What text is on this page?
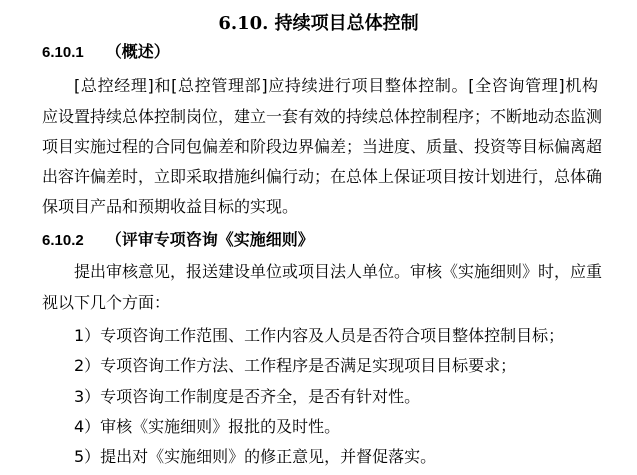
6.10. 持续项目总体控制
6.10.1 （概述）
[总控经理]和[总控管理部]应持续进行项目整体控制。[全咨询管理]机构
应设置持续总体控制岗位，建立一套有效的持续总体控制程序；不断地动态监测
项目实施过程的合同包偏差和阶段边界偏差；当进度、质量、投资等目标偏离超
出容许偏差时，立即采取措施纠偏行动；在总体上保证项目按计划进行，总体确
保项目产品和预期收益目标的实现。
6.10.2 （评审专项咨询《实施细则》
提出审核意见，报送建设单位或项目法人单位。审核《实施细则》时，应重
视以下几个方面：
1）专项咨询工作范围、工作内容及人员是否符合项目整体控制目标；
2）专项咨询工作方法、工作程序是否满足实现项目目标要求；
3）专项咨询工作制度是否齐全，是否有针对性。
4）审核《实施细则》报批的及时性。
5）提出对《实施细则》的修正意见，并督促落实。
